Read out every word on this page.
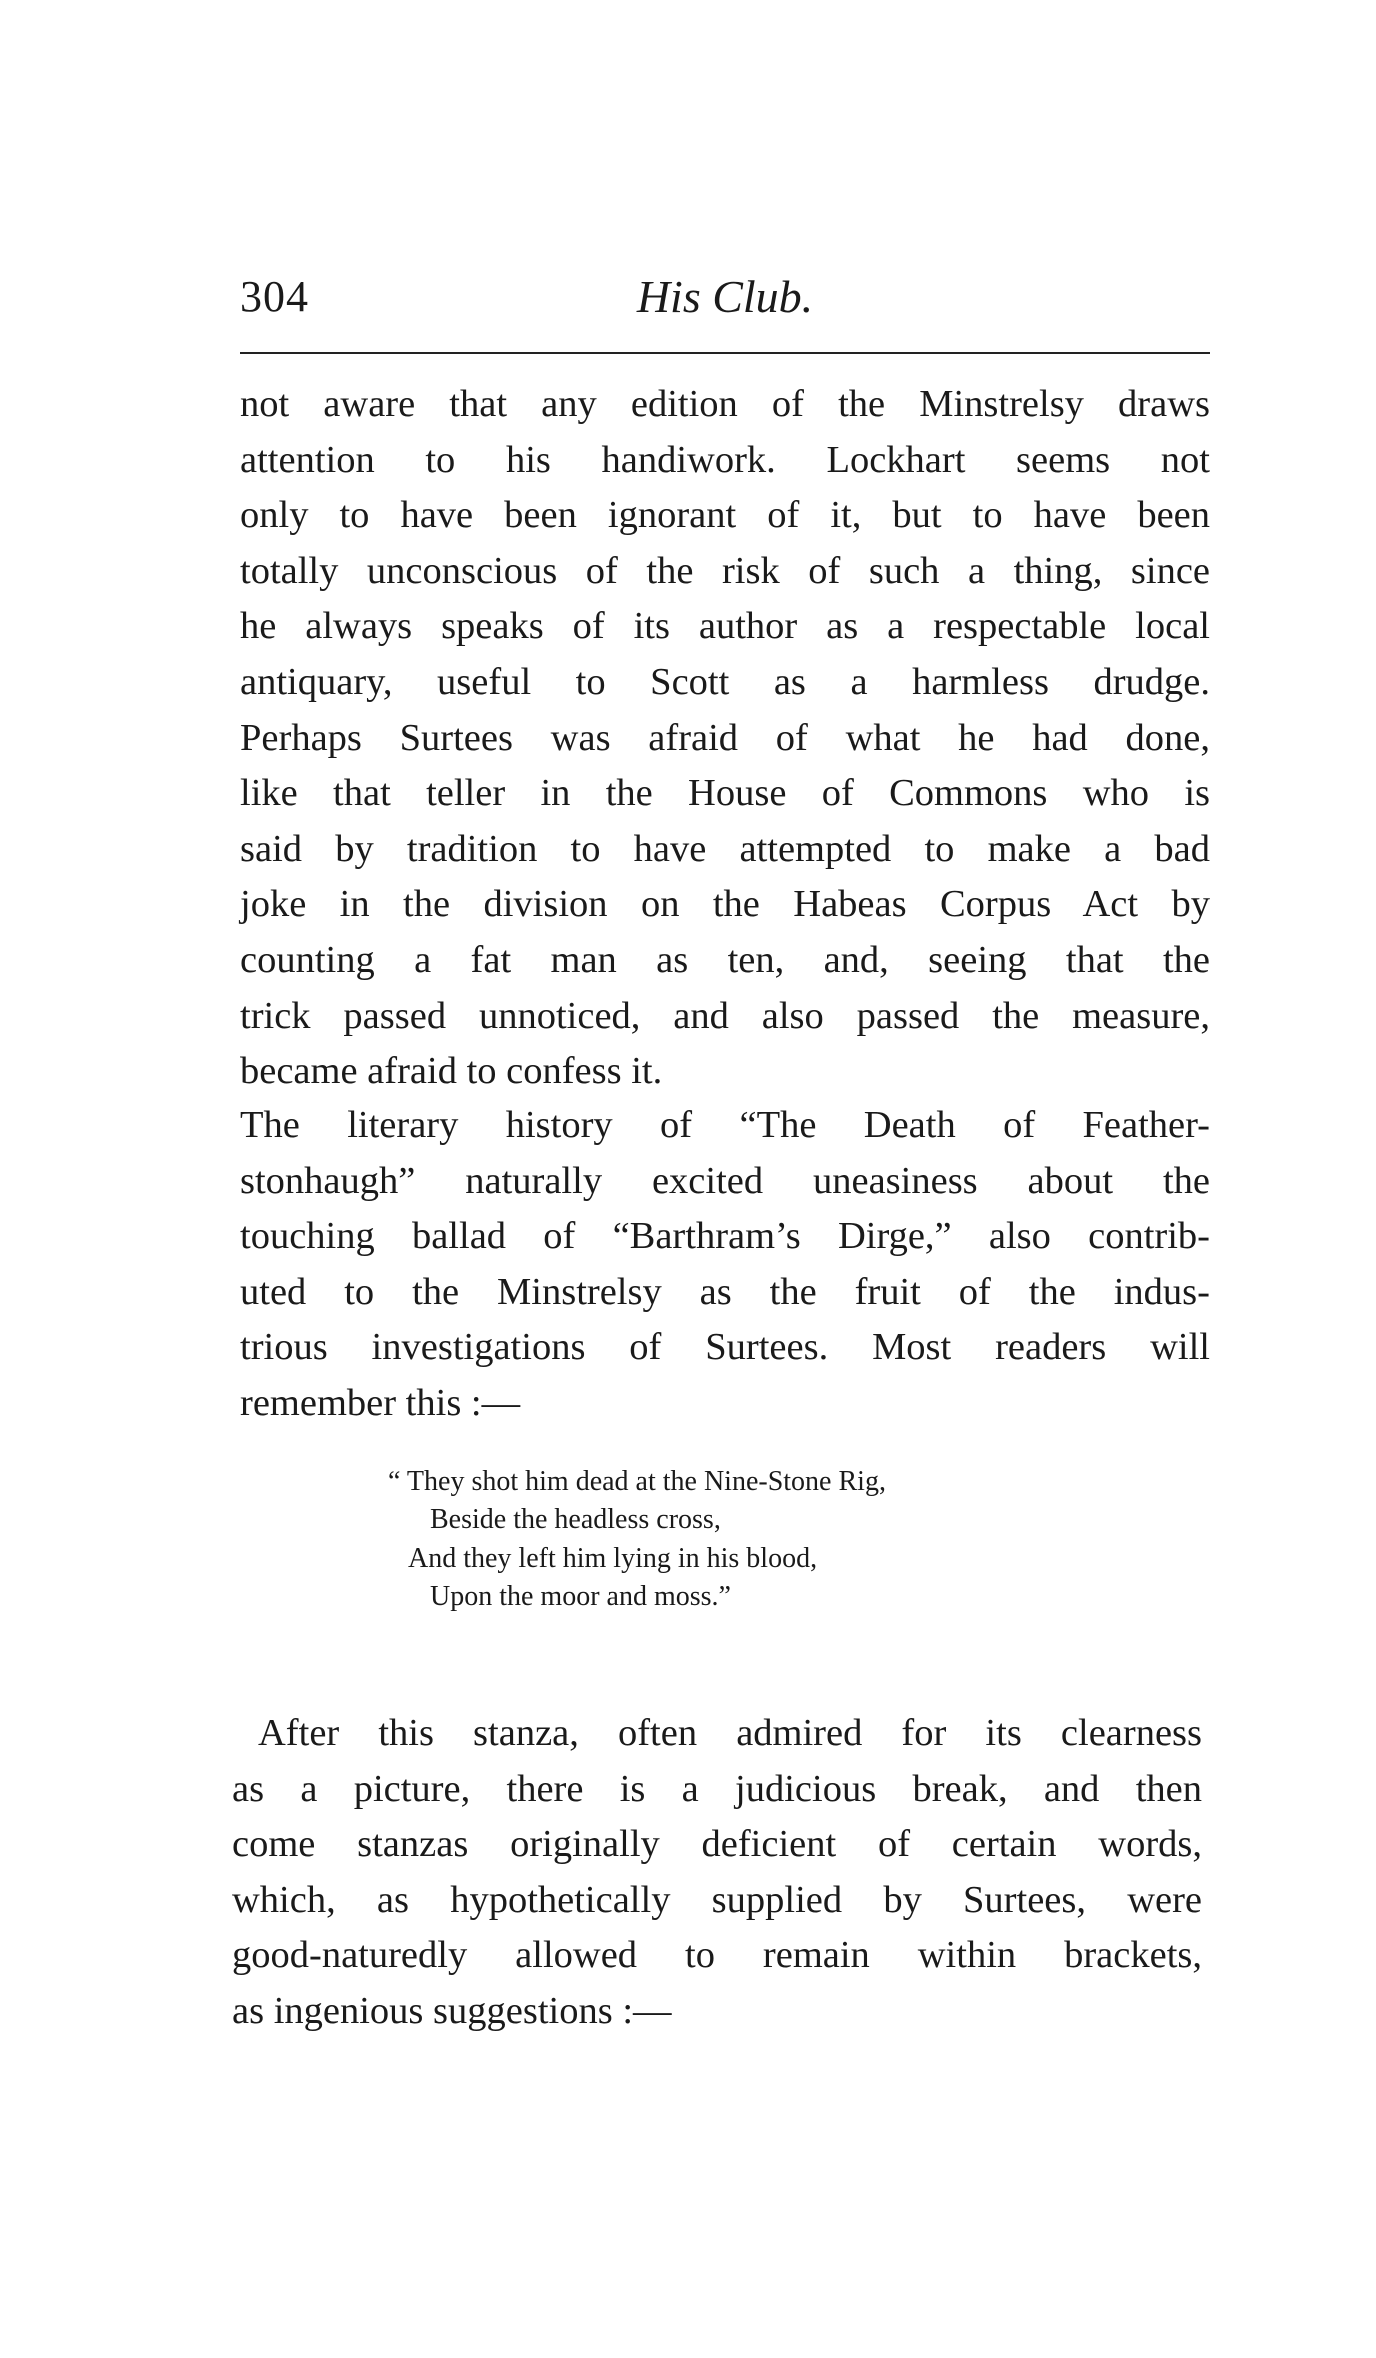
304	His Club.
not aware that any edition of the Minstrelsy draws
attention to his handiwork. Lockhart seems not
only to have been ignorant of it, but to have been
totally unconscious of the risk of such a thing, since
he always speaks of its author as a respectable local
antiquary, useful to Scott as a harmless drudge.
Perhaps Surtees was afraid of what he had done,
like that teller in the House of Commons who is
said by tradition to have attempted to make a bad
joke in the division on the Habeas Corpus Act by
counting a fat man as ten, and, seeing that the
trick passed unnoticed, and also passed the measure,
became afraid to confess it.
The literary history of “The Death of Feather-
stonhaugh” naturally excited uneasiness about the
touching ballad of “Barthram’s Dirge,” also contrib-
uted to the Minstrelsy as the fruit of the indus-
trious investigations of Surtees. Most readers will
remember this :—
“ They shot him dead at the Nine-Stone Rig,
Beside the headless cross,
And they left him lying in his blood,
Upon the moor and moss.”
After this stanza, often admired for its clearness
as a picture, there is a judicious break, and then
come stanzas originally deficient of certain words,
which, as hypothetically supplied by Surtees, were
good-naturedly allowed to remain within brackets,
as ingenious suggestions :—
